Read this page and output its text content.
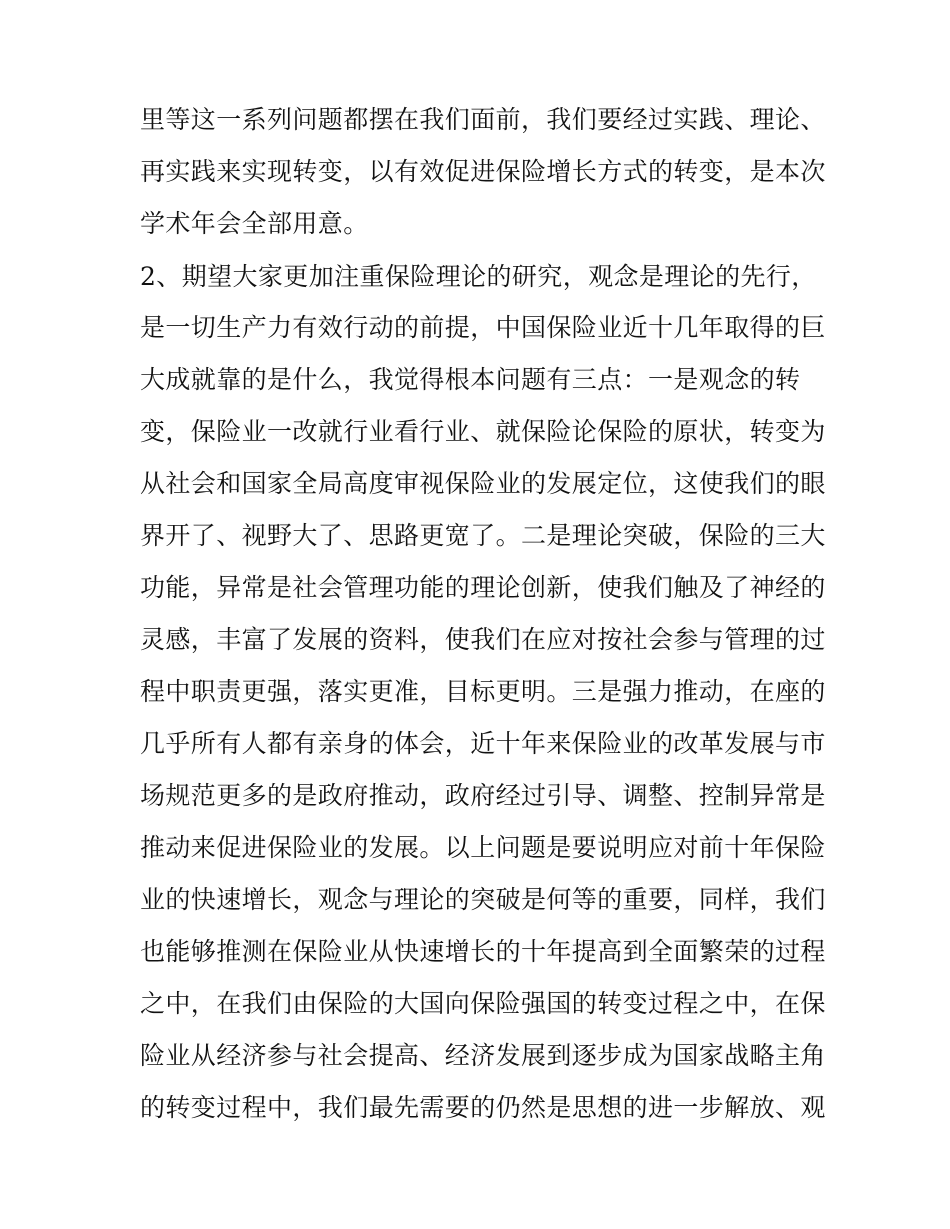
里等这一系列问题都摆在我们面前，我们要经过实践、理论、
再实践来实现转变，以有效促进保险增长方式的转变，是本次
学术年会全部用意。
2、期望大家更加注重保险理论的研究，观念是理论的先行，
是一切生产力有效行动的前提，中国保险业近十几年取得的巨
大成就靠的是什么，我觉得根本问题有三点：一是观念的转
变，保险业一改就行业看行业、就保险论保险的原状，转变为
从社会和国家全局高度审视保险业的发展定位，这使我们的眼
界开了、视野大了、思路更宽了。二是理论突破，保险的三大
功能，异常是社会管理功能的理论创新，使我们触及了神经的
灵感，丰富了发展的资料，使我们在应对按社会参与管理的过
程中职责更强，落实更准，目标更明。三是强力推动，在座的
几乎所有人都有亲身的体会，近十年来保险业的改革发展与市
场规范更多的是政府推动，政府经过引导、调整、控制异常是
推动来促进保险业的发展。以上问题是要说明应对前十年保险
业的快速增长，观念与理论的突破是何等的重要，同样，我们
也能够推测在保险业从快速增长的十年提高到全面繁荣的过程
之中，在我们由保险的大国向保险强国的转变过程之中，在保
险业从经济参与社会提高、经济发展到逐步成为国家战略主角
的转变过程中，我们最先需要的仍然是思想的进一步解放、观
